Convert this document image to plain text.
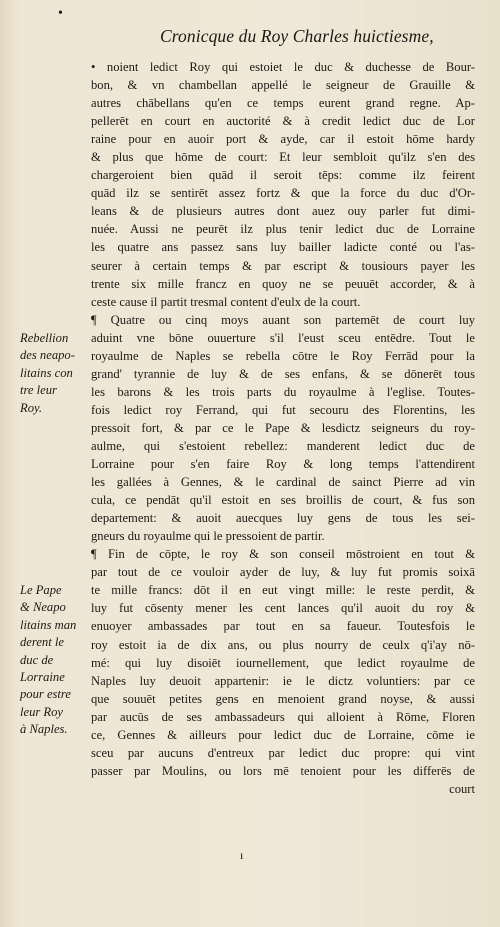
•
Cronicque du Roy Charles huictiesme,
• noient ledict Roy qui estoiet le duc & duchesse de Bour-
bon, & vn chambellan appellé le seigneur de Grauille &
autres chābellans qu'en ce temps eurent grand regne. Ap-
pellerēt en court en auctorité & à credit ledict duc de Lor
raine pour en auoir port & ayde, car il estoit hōme hardy
& plus que hōme de court: Et leur sembloit qu'ilz s'en des
chargeroient bien quād il seroit tēps: comme ilz feirent
quād ilz se sentirēt assez fortz & que la force du duc d'Or-
leans & de plusieurs autres dont auez ouy parler fut dimi-
nuée. Aussi ne peurēt ilz plus tenir ledict duc de Lorraine
les quatre ans passez sans luy bailler ladicte conté ou l'as-
seurer à certain temps & par escript & tousiours payer les
trente six mille francz en quoy ne se peuuēt accorder, & à
ceste cause il partit tresmal content d'eulx de la court.
¶ Quatre ou cinq moys auant son partemēt de court luy
aduint vne bōne ouuerture s'il l'eust sceu entēdre. Tout le
royaulme de Naples se rebella cōtre le Roy Ferrād pour la
grand' tyrannie de luy & de ses enfans, & se dōnerēt tous
les barons & les trois parts du royaulme à l'eglise. Toutes-
fois ledict roy Ferrand, qui fut secouru des Florentins, les
pressoit fort, & par ce le Pape & lesdictz seigneurs du roy-
aulme, qui s'estoient rebellez: manderent ledict duc de
Lorraine pour s'en faire Roy & long temps l'attendirent
les gallées à Gennes, & le cardinal de sainct Pierre ad vin
cula, ce pendāt qu'il estoit en ses broillis de court, & fus son
departement: & auoit auecques luy gens de tous les sei-
gneurs du royaulme qui le pressoient de partir.
¶ Fin de cōpte, le roy & son conseil mōstroient en tout &
par tout de ce vouloir ayder de luy, & luy fut promis soixā
te mille francs: dōt il en eut vingt mille: le reste perdit, &
luy fut cōsenty mener les cent lances qu'il auoit du roy &
enuoyer ambassades par tout en sa faueur. Toutesfois le
roy estoit ia de dix ans, ou plus nourry de ceulx q'i'ay nō-
mé: qui luy disoiēt iournellement, que ledict royaulme de
Naples luy deuoit appartenir: ie le dictz voluntiers: par ce
que souuēt petites gens en menoient grand noyse, & aussi
par aucūs de ses ambassadeurs qui alloient à Rōme, Floren
ce, Gennes & ailleurs pour ledict duc de Lorraine, cōme ie
sceu par aucuns d'entreux par ledict duc propre: qui vint
passer par Moulins, ou lors mē tenoient pour les differēs de
court
Rebellion
des neapo-
litains con
tre leur
Roy.
Le Pape
& Neapo
litains man
derent le
duc de
Lorraine
pour estre
leur Roy
à Naples.
ı
